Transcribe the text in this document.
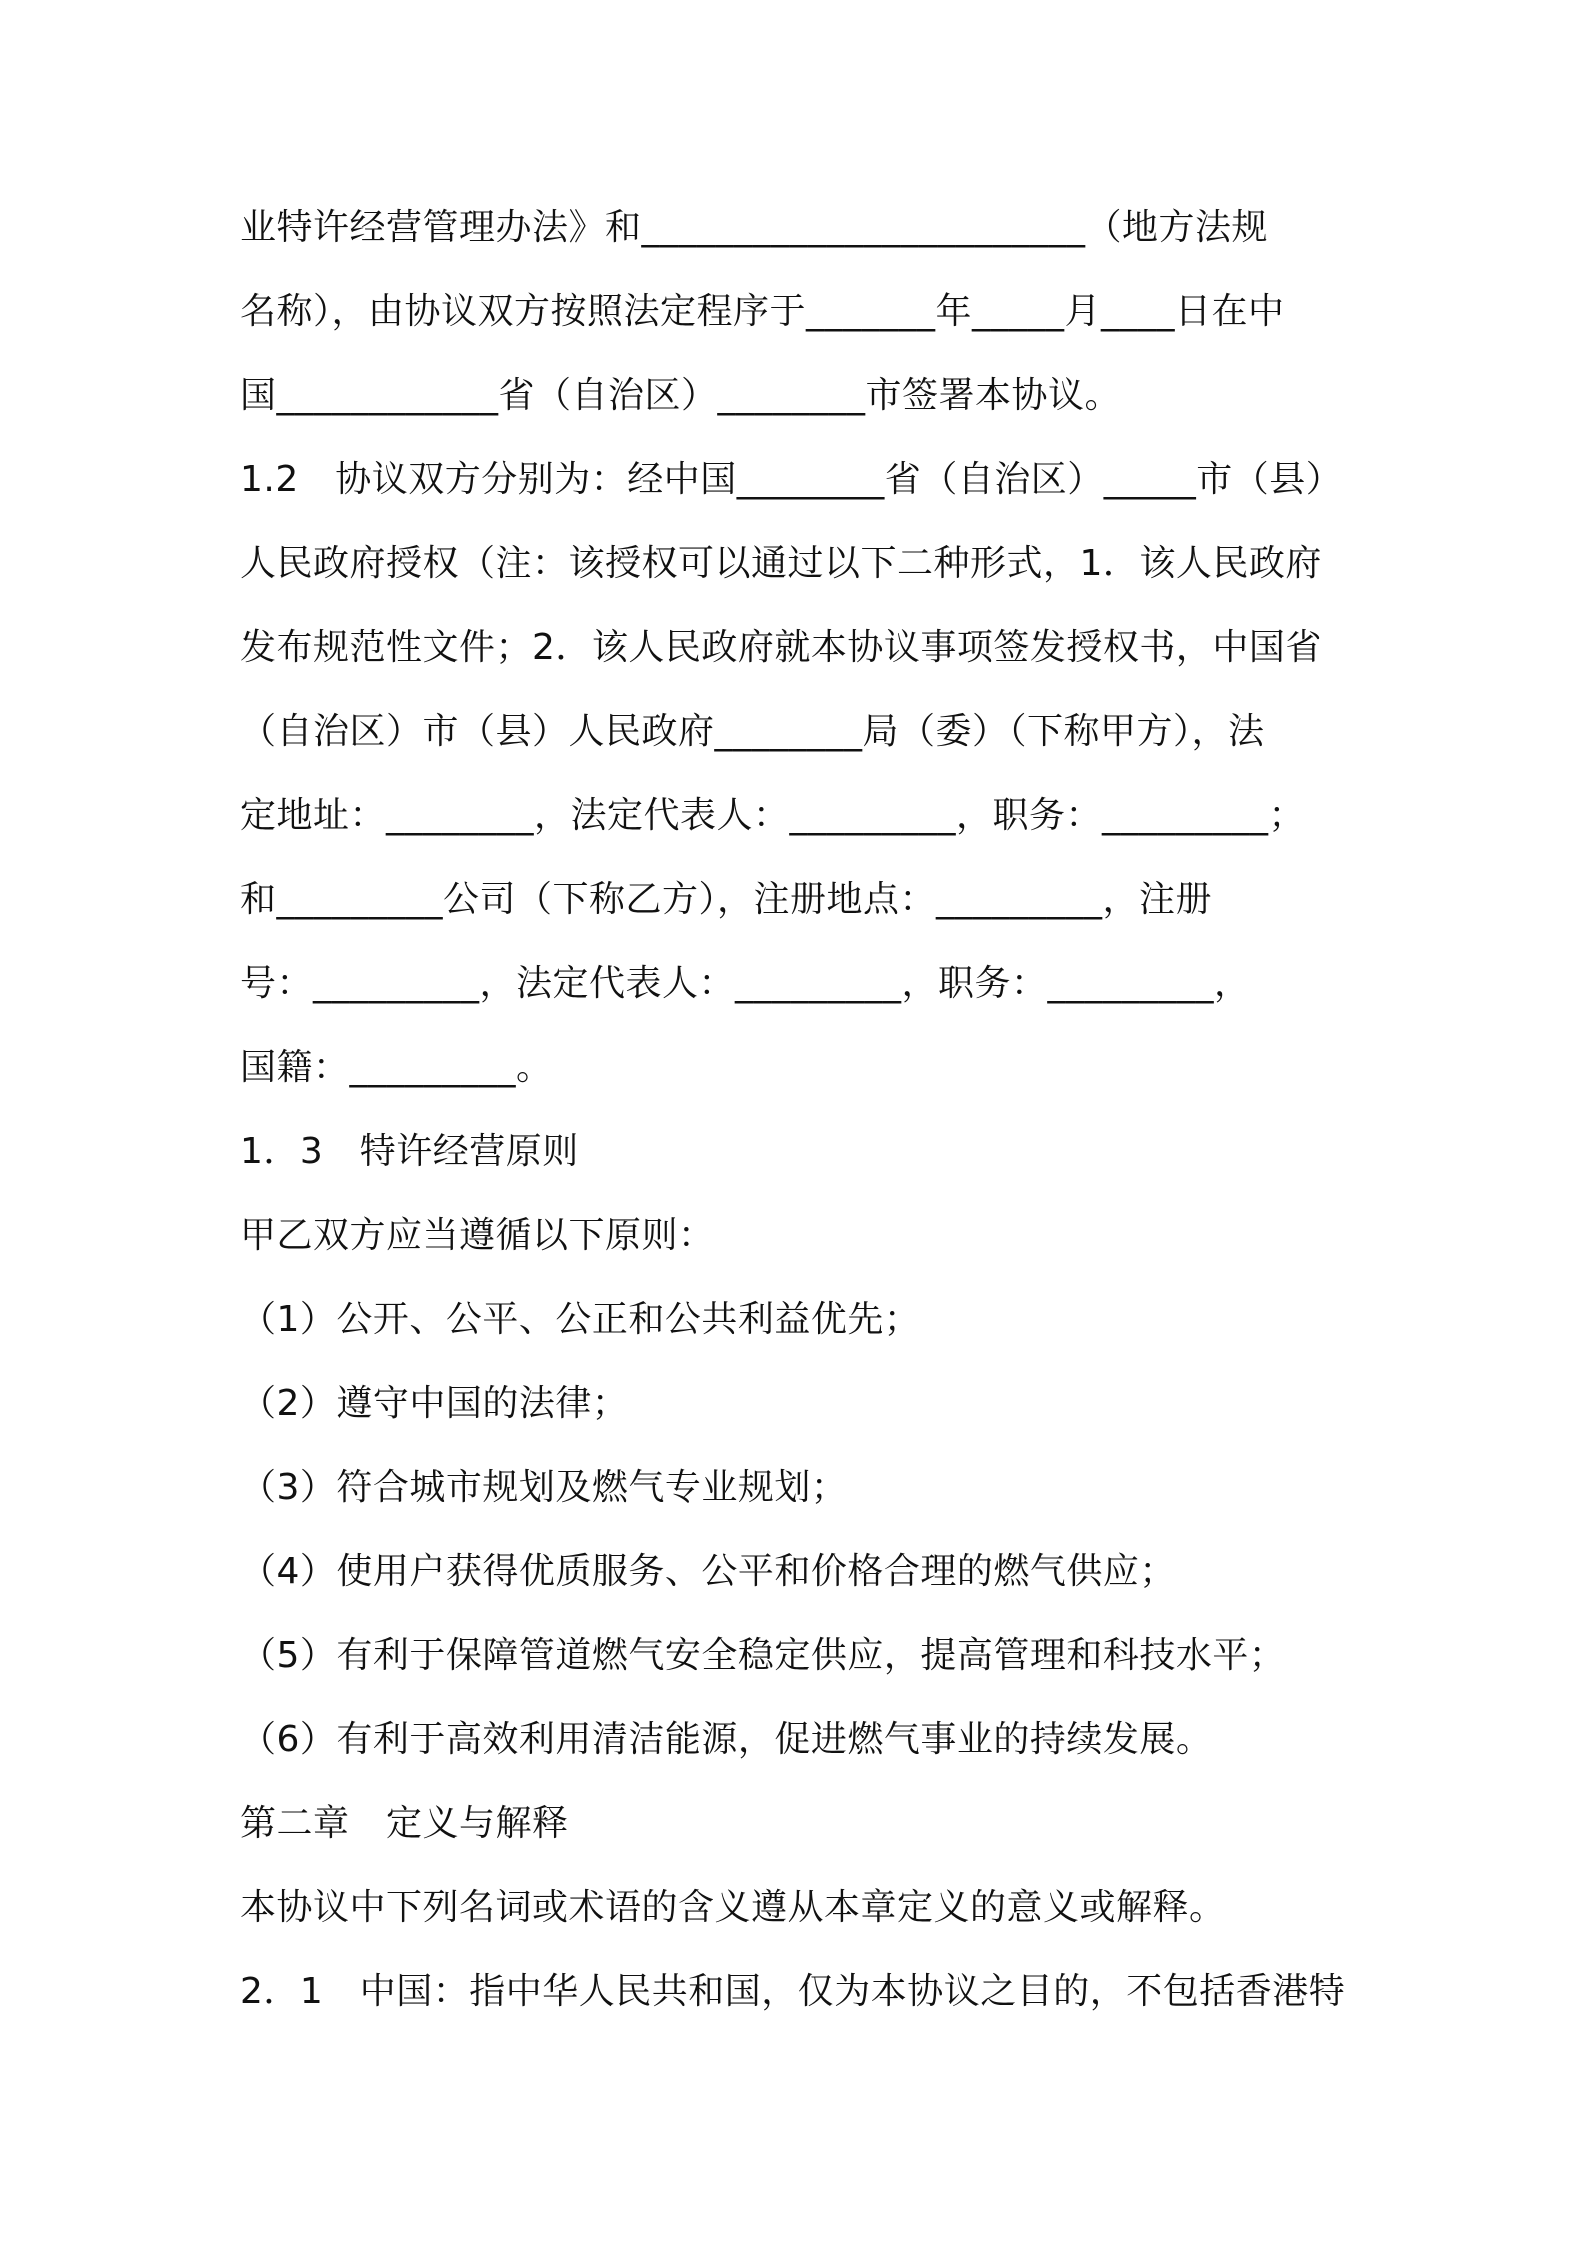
业特许经营管理办法》和________________________（地方法规
名称），由协议双方按照法定程序于_______年_____月____日在中
国____________省（自治区）________市签署本协议。
1.2　协议双方分别为：经中国________省（自治区）_____市（县）
人民政府授权（注：该授权可以通过以下二种形式，1．该人民政府
发布规范性文件；2．该人民政府就本协议事项签发授权书，中国省
（自治区）市（县）人民政府________局（委）（下称甲方），法
定地址：________，法定代表人：_________，职务：_________；
和_________公司（下称乙方），注册地点：_________，注册
号：_________，法定代表人：_________，职务：_________，
国籍：_________。
1．3　特许经营原则
甲乙双方应当遵循以下原则：
（1）公开、公平、公正和公共利益优先；
（2）遵守中国的法律；
（3）符合城市规划及燃气专业规划；
（4）使用户获得优质服务、公平和价格合理的燃气供应；
（5）有利于保障管道燃气安全稳定供应，提高管理和科技水平；
（6）有利于高效利用清洁能源，促进燃气事业的持续发展。
第二章　定义与解释
本协议中下列名词或术语的含义遵从本章定义的意义或解释。
2．1　中国：指中华人民共和国，仅为本协议之目的，不包括香港特
